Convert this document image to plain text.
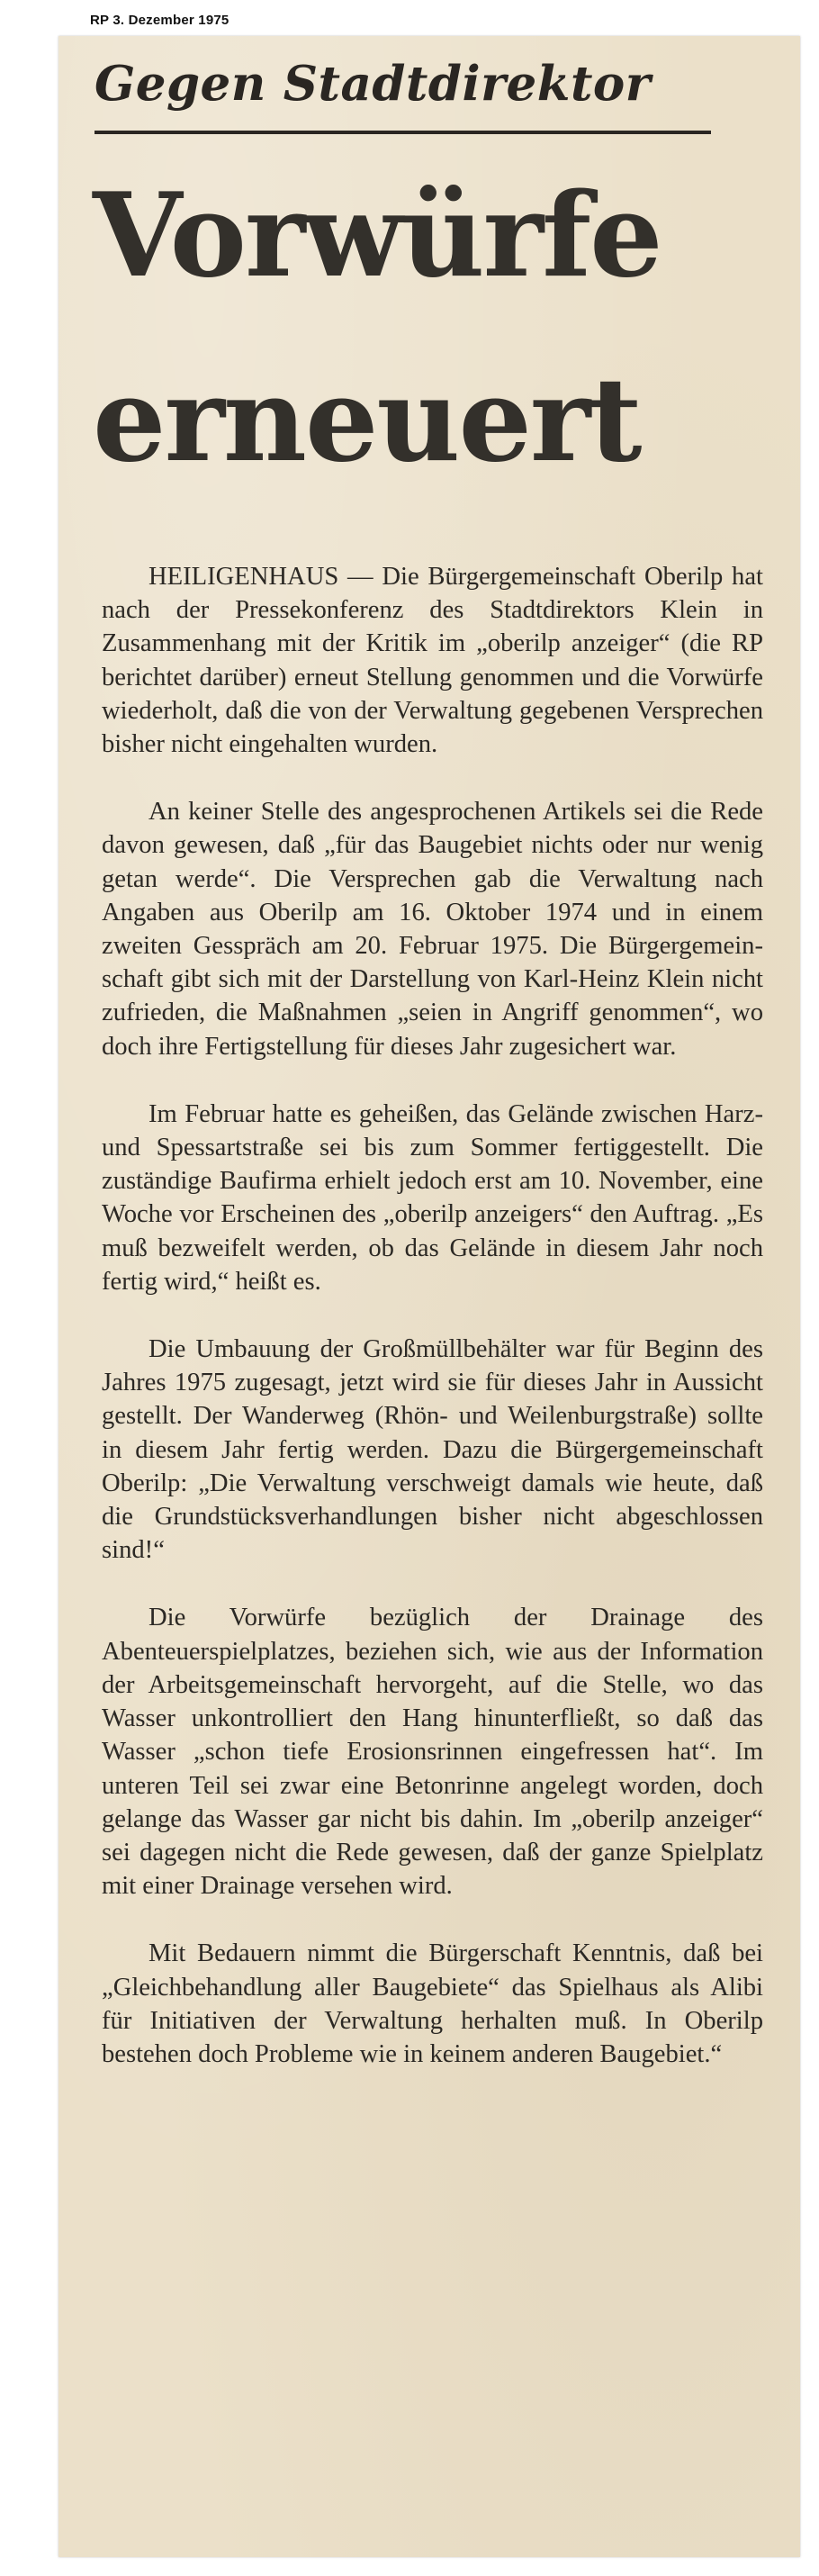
RP 3. Dezember 1975
Gegen Stadtdirektor
Vorwürfe
erneuert

HEILIGENHAUS — Die Bürgergemeinschaft Oberilp hat nach der Pressekonferenz des Stadtdirektors Klein in Zusammenhang mit der Kritik im „oberilp anzeiger“ (die RP berichtet darüber) erneut Stellung genommen und die Vorwürfe wiederholt, daß die von der Verwaltung gegebenen Versprechen bisher nicht eingehalten wurden.

An keiner Stelle des angesprochenen Artikels sei die Rede davon gewesen, daß „für das Baugebiet nichts oder nur wenig getan werde“. Die Versprechen gab die Verwaltung nach Angaben aus Oberilp am 16. Oktober 1974 und in einem zweiten Gesspräch am 20. Februar 1975. Die Bürgergemeinschaft gibt sich mit der Darstellung von Karl-Heinz Klein nicht zufrieden, die Maßnahmen „seien in Angriff genommen“, wo doch ihre Fertigstellung für dieses Jahr zugesichert war.

Im Februar hatte es geheißen, das Gelände zwischen Harz- und Spessartstraße sei bis zum Sommer fertiggestellt. Die zuständige Baufirma erhielt jedoch erst am 10. November, eine Woche vor Erscheinen des „oberilp anzeigers“ den Auftrag. „Es muß bezweifelt werden, ob das Gelände in diesem Jahr noch fertig wird,“ heißt es.

Die Umbauung der Großmüllbehälter war für Beginn des Jahres 1975 zugesagt, jetzt wird sie für dieses Jahr in Aussicht gestellt. Der Wanderweg (Rhön- und Weilenburgstraße) sollte in diesem Jahr fertig werden. Dazu die Bürgergemeinschaft Oberilp: „Die Verwaltung verschweigt damals wie heute, daß die Grundstücksverhandlungen bisher nicht abgeschlossen sind!“

Die Vorwürfe bezüglich der Drainage des Abenteuerspielplatzes, beziehen sich, wie aus der Information der Arbeitsgemeinschaft hervorgeht, auf die Stelle, wo das Wasser unkontrolliert den Hang hinunterfließt, so daß das Wasser „schon tiefe Erosionsrinnen eingefressen hat“. Im unteren Teil sei zwar eine Betonrinne angelegt worden, doch gelange das Wasser gar nicht bis dahin. Im „oberilp anzeiger“ sei dagegen nicht die Rede gewesen, daß der ganze Spielplatz mit einer Drainage versehen wird.

Mit Bedauern nimmt die Bürgerschaft Kenntnis, daß bei „Gleichbehandlung aller Baugebiete“ das Spielhaus als Alibi für Initiativen der Verwaltung herhalten muß. In Oberilp bestehen doch Probleme wie in keinem anderen Baugebiet.“
